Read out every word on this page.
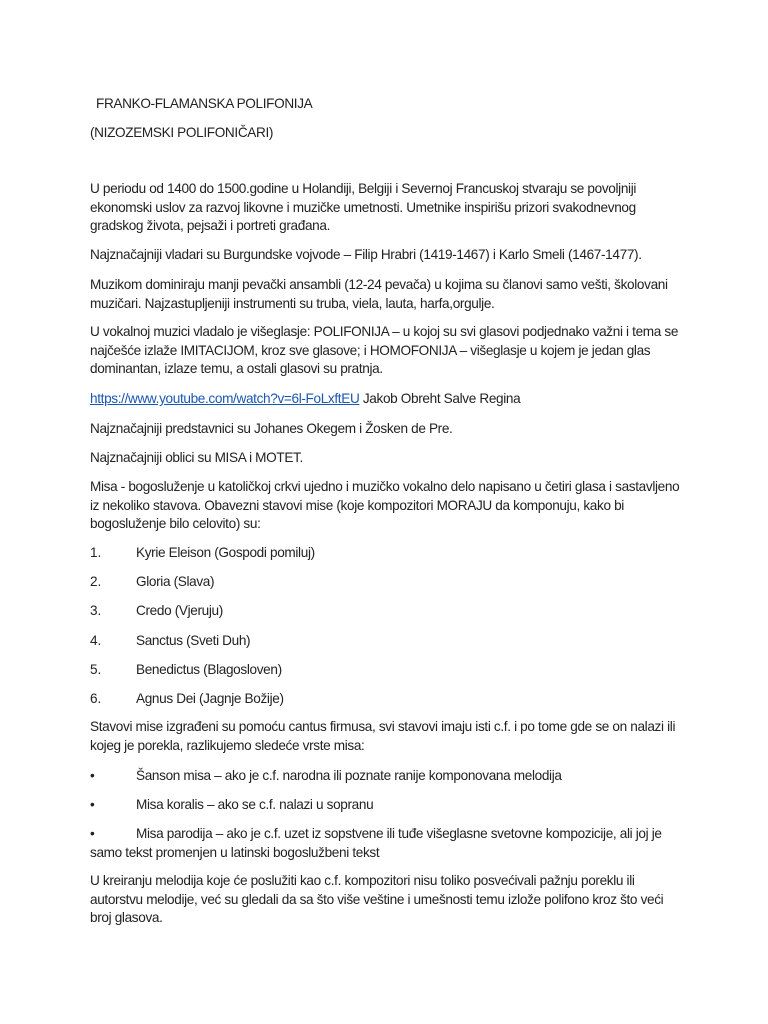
FRANKO-FLAMANSKA POLIFONIJA
(NIZOZEMSKI POLIFONIČARI)
U periodu od 1400 do 1500.godine u Holandiji, Belgiji i Severnoj Francuskoj stvaraju se povoljniji
ekonomski uslov za razvoj likovne i muzičke umetnosti. Umetnike inspirišu prizori svakodnevnog
gradskog života, pejsaži i portreti građana.
Najznačajniji vladari su Burgundske vojvode – Filip Hrabri (1419-1467) i Karlo Smeli (1467-1477).
Muzikom dominiraju manji pevački ansambli (12-24 pevača) u kojima su članovi samo vešti, školovani
muzičari. Najzastupljeniji instrumenti su truba, viela, lauta, harfa,orgulje.
U vokalnoj muzici vladalo je višeglasje: POLIFONIJA – u kojoj su svi glasovi podjednako važni i tema se
najčešće izlaže IMITACIJOM, kroz sve glasove; i HOMOFONIJA – višeglasje u kojem je jedan glas
dominantan, izlaze temu, a ostali glasovi su pratnja.
https://www.youtube.com/watch?v=6l-FoLxftEU Jakob Obreht Salve Regina
Najznačajniji predstavnici su Johanes Okegem i Žosken de Pre.
Najznačajniji oblici su MISA i MOTET.
Misa - bogosluženje u katoličkoj crkvi ujedno i muzičko vokalno delo napisano u četiri glasa i sastavljeno
iz nekoliko stavova. Obavezni stavovi mise (koje kompozitori MORAJU da komponuju, kako bi
bogosluženje bilo celovito) su:
1.	Kyrie Eleison (Gospodi pomiluj)
2.	Gloria (Slava)
3.	Credo (Vjeruju)
4.	Sanctus (Sveti Duh)
5.	Benedictus (Blagosloven)
6.	Agnus Dei (Jagnje Božije)
Stavovi mise izgrađeni su pomoću cantus firmusa, svi stavovi imaju isti c.f. i po tome gde se on nalazi ili
kojeg je porekla, razlikujemo sledeće vrste misa:
•	Šanson misa – ako je c.f. narodna ili poznate ranije komponovana melodija
•	Misa koralis – ako se c.f. nalazi u sopranu
•	Misa parodija – ako je c.f. uzet iz sopstvene ili tuđe višeglasne svetovne kompozicije, ali joj je
samo tekst promenjen u latinski bogoslužbeni tekst
U kreiranju melodija koje će poslužiti kao c.f. kompozitori nisu toliko posvećivali pažnju poreklu ili
autorstvu melodije, već su gledali da sa što više veštine i umešnosti temu izlože polifono kroz što veći
broj glasova.
